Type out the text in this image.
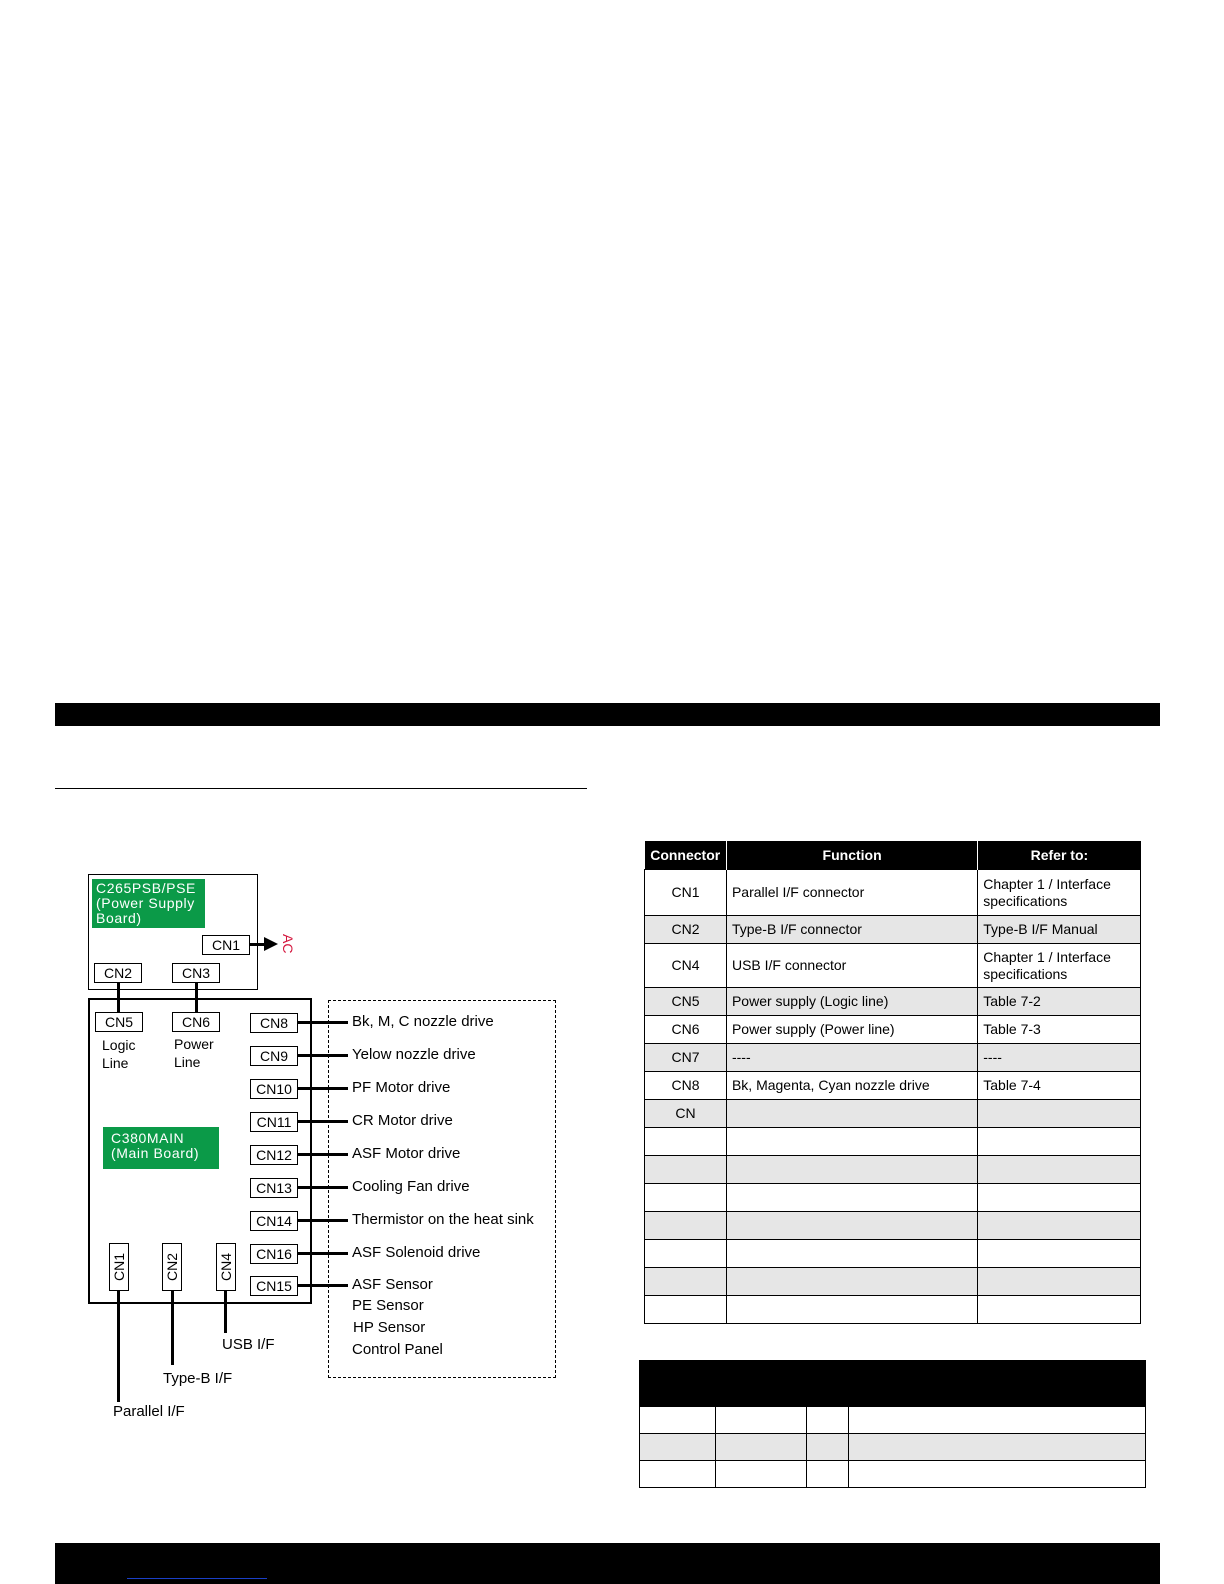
C265PSB/PSE
(Power Supply
Board)
CN1	AC
CN2	CN3
CN5	CN6
Logic
Line
Power
Line
C380MAIN
(Main Board)
CN8
CN9
CN10
CN11
CN12
CN13
CN14
CN16
CN15
Bk, M, C nozzle drive
Yelow nozzle drive
PF Motor drive
CR Motor drive
ASF Motor drive
Cooling Fan drive
Thermistor on the heat sink
ASF Solenoid drive
ASF Sensor
PE Sensor
HP Sensor
Control Panel
CN1	CN2	CN4
USB I/F
Type-B I/F
Parallel I/F
Connector	Function	Refer to:
CN1	Parallel I/F connector	Chapter 1 / Interface specifications
CN2	Type-B I/F connector	Type-B I/F Manual
CN4	USB I/F connector	Chapter 1 / Interface specifications
CN5	Power supply (Logic line)	Table 7-2
CN6	Power supply (Power line)	Table 7-3
CN7	----	----
CN8	Bk, Magenta, Cyan nozzle drive	Table 7-4
CN		
